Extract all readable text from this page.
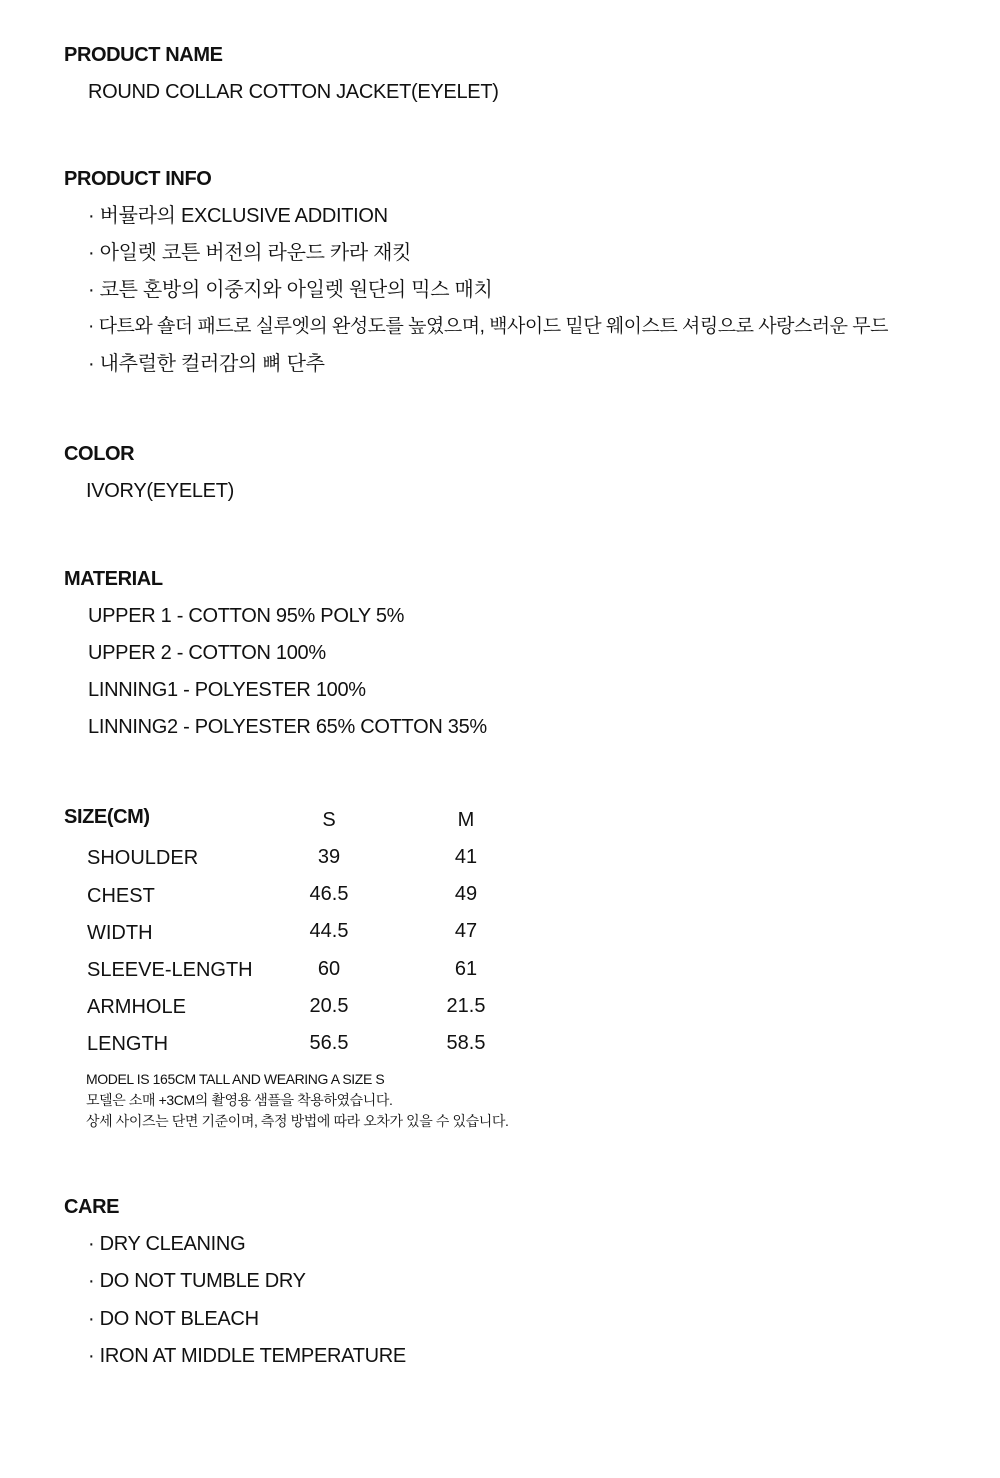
PRODUCT NAME
ROUND COLLAR COTTON JACKET(EYELET)
PRODUCT INFO
· 버뮬라의 EXCLUSIVE ADDITION
· 아일렛 코튼 버전의 라운드 카라 재킷
· 코튼 혼방의 이중지와 아일렛 원단의 믹스 매치
· 다트와 숄더 패드로 실루엣의 완성도를 높였으며, 백사이드 밑단 웨이스트 셔링으로 사랑스러운 무드
· 내추럴한 컬러감의 뼈 단추
COLOR
IVORY(EYELET)
MATERIAL
UPPER 1 - COTTON 95% POLY 5%
UPPER 2 - COTTON 100%
LINNING1 - POLYESTER 100%
LINNING2 - POLYESTER 65% COTTON 35%
SIZE(CM)	S	M
SHOULDER	39	41
CHEST	46.5	49
WIDTH	44.5	47
SLEEVE-LENGTH	60	61
ARMHOLE	20.5	21.5
LENGTH	56.5	58.5
MODEL IS 165CM TALL AND WEARING A SIZE S
모델은 소매 +3CM의 촬영용 샘플을 착용하였습니다.
상세 사이즈는 단면 기준이며, 측정 방법에 따라 오차가 있을 수 있습니다.
CARE
· DRY CLEANING
· DO NOT TUMBLE DRY
· DO NOT BLEACH
· IRON AT MIDDLE TEMPERATURE
